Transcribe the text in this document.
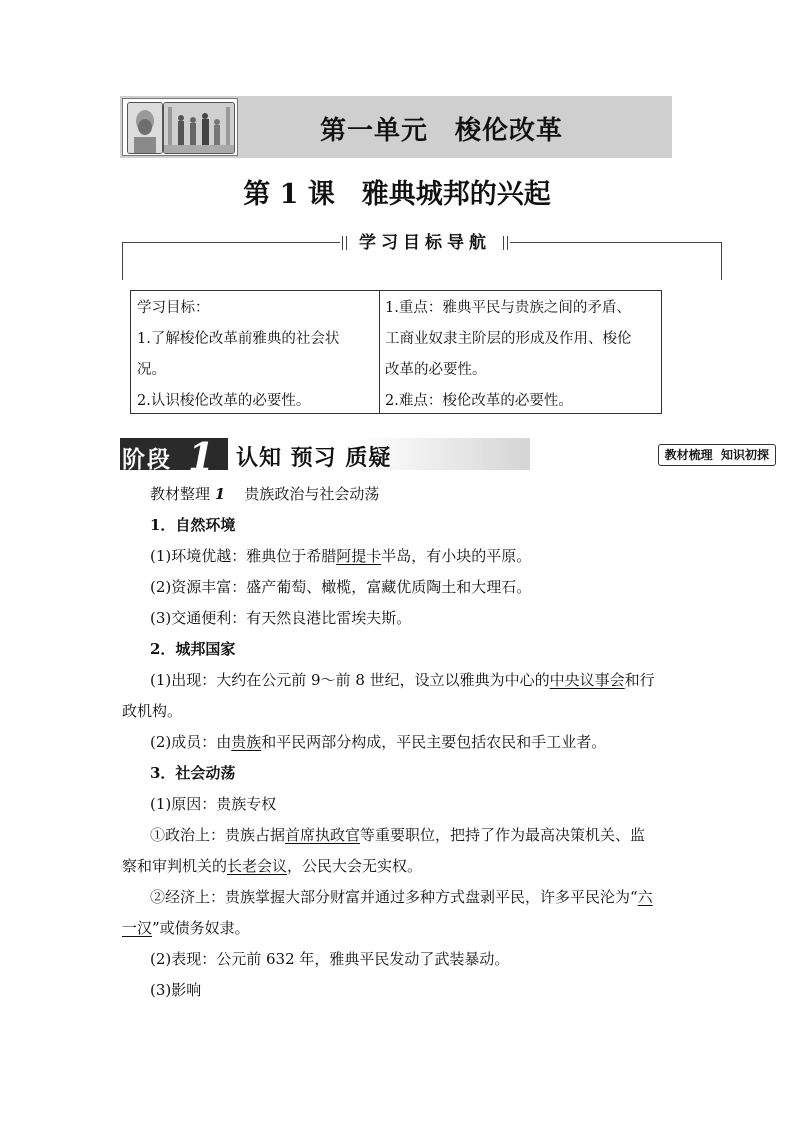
第一单元　梭伦改革
第 1 课　雅典城邦的兴起
学习目标导航
学习目标：
1.了解梭伦改革前雅典的社会状
况。
2.认识梭伦改革的必要性。
1.重点：雅典平民与贵族之间的矛盾、
工商业奴隶主阶层的形成及作用、梭伦
改革的必要性。
2.难点：梭伦改革的必要性。
阶段 1 认知 预习 质疑	教材梳理  知识初探
教材整理 1 贵族政治与社会动荡
1．自然环境
(1)环境优越：雅典位于希腊阿提卡半岛，有小块的平原。
(2)资源丰富：盛产葡萄、橄榄，富藏优质陶土和大理石。
(3)交通便利：有天然良港比雷埃夫斯。
2．城邦国家
(1)出现：大约在公元前 9～前 8 世纪，设立以雅典为中心的中央议事会和行
政机构。
(2)成员：由贵族和平民两部分构成，平民主要包括农民和手工业者。
3．社会动荡
(1)原因：贵族专权
①政治上：贵族占据首席执政官等重要职位，把持了作为最高决策机关、监
察和审判机关的长老会议，公民大会无实权。
②经济上：贵族掌握大部分财富并通过多种方式盘剥平民，许多平民沦为“六
一汉”或债务奴隶。
(2)表现：公元前 632 年，雅典平民发动了武装暴动。
(3)影响
